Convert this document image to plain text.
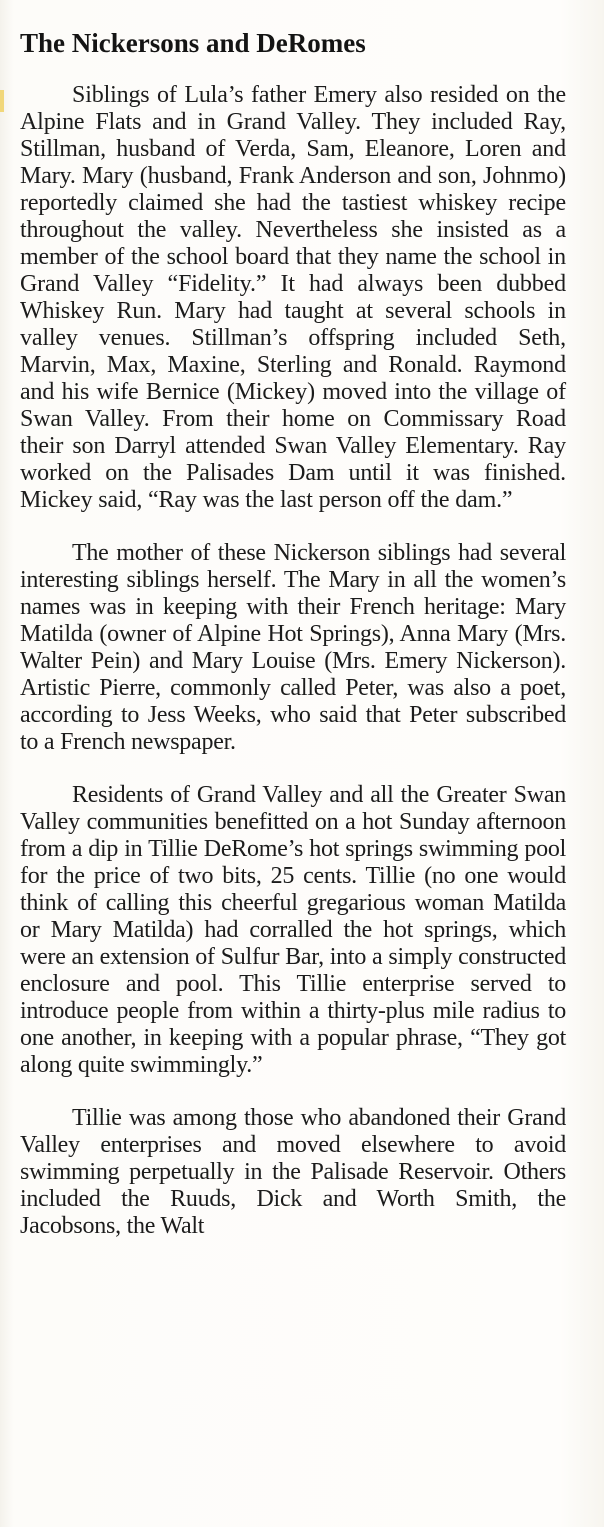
The Nickersons and DeRomes

Siblings of Lula’s father Emery also resided on the Alpine Flats and in Grand Valley. They included Ray, Stillman, husband of Verda, Sam, Eleanore, Loren and Mary. Mary (husband, Frank Anderson and son, Johnmo) reportedly claimed she had the tastiest whiskey recipe throughout the valley. Nevertheless she insisted as a member of the school board that they name the school in Grand Valley “Fidelity.” It had always been dubbed Whiskey Run. Mary had taught at several schools in valley venues. Stillman’s offspring included Seth, Marvin, Max, Maxine, Sterling and Ronald. Raymond and his wife Bernice (Mickey) moved into the village of Swan Valley. From their home on Commissary Road their son Darryl attended Swan Valley Elementary. Ray worked on the Palisades Dam until it was finished. Mickey said, “Ray was the last person off the dam.”

The mother of these Nickerson siblings had several interesting siblings herself. The Mary in all the women’s names was in keeping with their French heritage: Mary Matilda (owner of Alpine Hot Springs), Anna Mary (Mrs. Walter Pein) and Mary Louise (Mrs. Emery Nickerson). Artistic Pierre, commonly called Peter, was also a poet, according to Jess Weeks, who said that Peter subscribed to a French newspaper.

Residents of Grand Valley and all the Greater Swan Valley communities benefitted on a hot Sunday afternoon from a dip in Tillie DeRome’s hot springs swimming pool for the price of two bits, 25 cents. Tillie (no one would think of calling this cheerful gregarious woman Matilda or Mary Matilda) had corralled the hot springs, which were an extension of Sulfur Bar, into a simply constructed enclosure and pool. This Tillie enterprise served to introduce people from within a thirty-plus mile radius to one another, in keeping with a popular phrase, “They got along quite swimmingly.”

Tillie was among those who abandoned their Grand Valley enterprises and moved elsewhere to avoid swimming perpetually in the Palisade Reservoir. Others included the Ruuds, Dick and Worth Smith, the Jacobsons, the Walt
